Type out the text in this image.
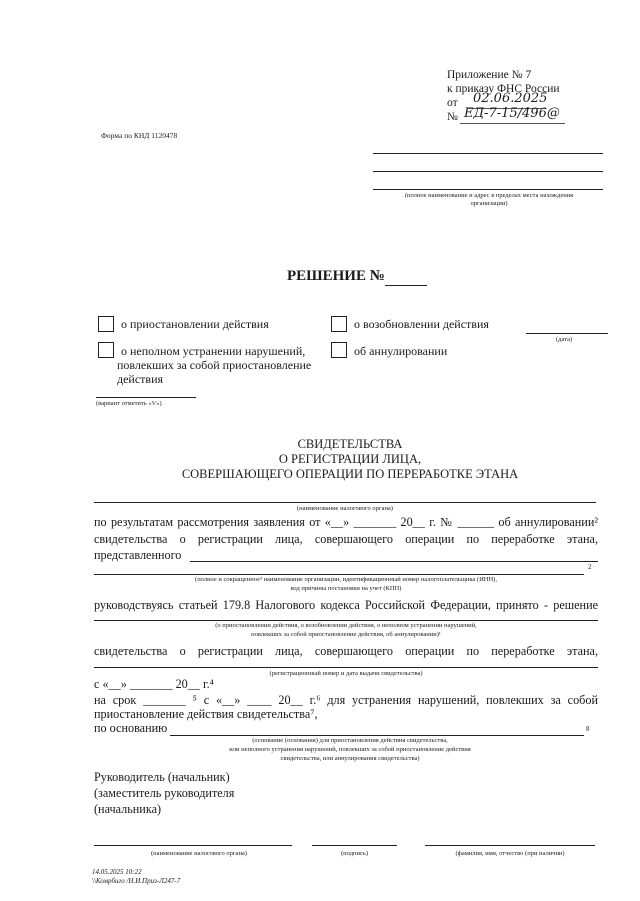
Приложение № 7
к приказу ФНС России
от 02.06.2025
№ ЕД-7-15/496@
Форма по КНД 1120478
(полное наименование и адрес в пределах места нахождения
организации)
РЕШЕНИЕ №
о приостановлении действия	о возобновлении действия
(дата)
о неполном устранении нарушений,
повлекших за собой приостановление
действия
об аннулировании
(вариант отметить «V»)
СВИДЕТЕЛЬСТВА
О РЕГИСТРАЦИИ ЛИЦА,
СОВЕРШАЮЩЕГО ОПЕРАЦИИ ПО ПЕРЕРАБОТКЕ ЭТАНА
(наименование налогового органа)
по результатам рассмотрения заявления от «__» _______ 20__ г. № ______ об аннулировании²
свидетельства о регистрации лица, совершающего операции по переработке этана,
представленного
2
(полное и сокращенное³ наименование организации, идентификационный номер налогоплательщика (ИНН),
код причины постановки на учет (КПП)
руководствуясь статьей 179.8 Налогового кодекса Российской Федерации, принято - решение
(о приостановлении действия, о возобновлении действия, о неполном устранении нарушений,
повлекших за собой приостановление действия, об аннулировании)¹
свидетельства о регистрации лица, совершающего операции по переработке этана,
(регистрационный номер и дата выдачи свидетельства)
с «__» _______ 20__ г.⁴
на срок _______ ⁵ с «__» ____ 20__ г.⁶ для устранения нарушений, повлекших за собой
приостановление действия свидетельства⁷,
по основанию	8
(основание (основания) для приостановления действия свидетельства,
или неполного устранения нарушений, повлекших за собой приостановление действия
свидетельства, или аннулирования свидетельства)
Руководитель (начальник)
(заместитель руководителя
(начальника)
(наименование налогового органа)	(подпись)	(фамилия, имя, отчество (при наличии)
14.05.2025 10:22
\\Комрбиго /Н.И.Приз-Л247-7
